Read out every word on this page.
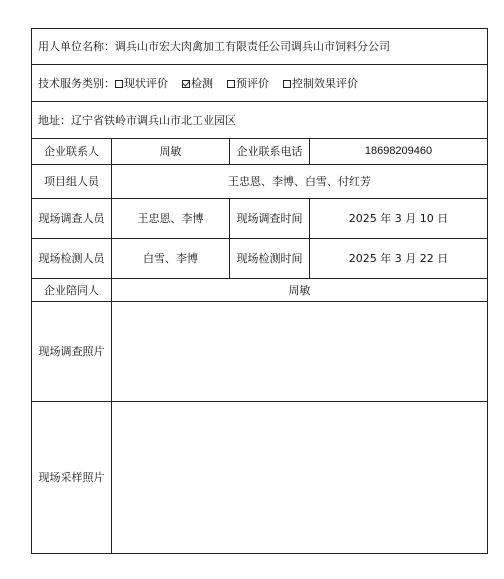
用人单位名称：调兵山市宏大肉禽加工有限责任公司调兵山市饲料分公司			
技术服务类别： 现状评价 检测 预评价 控制效果评价			
地址：辽宁省铁岭市调兵山市北工业园区			
企业联系人	周敏	企业联系电话	18698209460
项目组人员	王忠恩、李博、白雪、付红芳		
现场调查人员	王忠恩、李博	现场调查时间	2025 年 3 月 10 日
现场检测人员	白雪、李博	现场检测时间	2025 年 3 月 22 日
企业陪同人	周敏		
现场调查照片			
现场采样照片			
